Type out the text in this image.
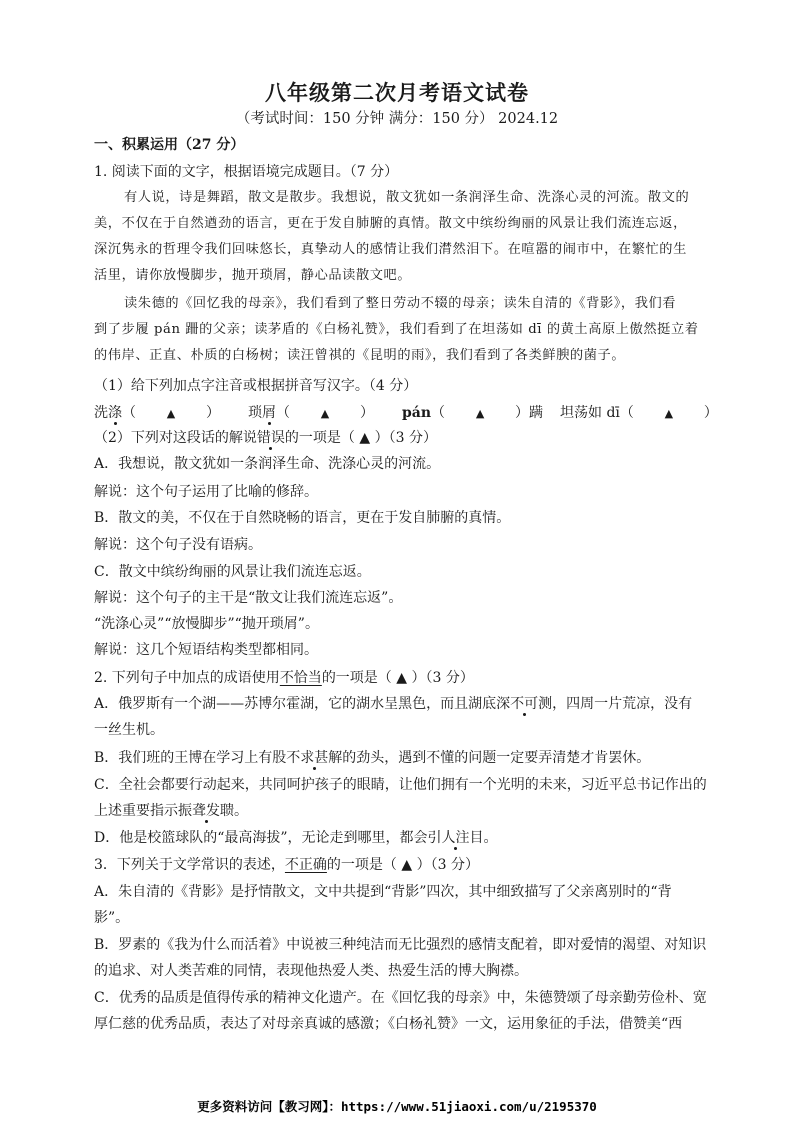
八年级第二次月考语文试卷
（考试时间：150 分钟 满分：150 分） 2024.12
一、积累运用（27 分）
1. 阅读下面的文字，根据语境完成题目。（7 分）
有人说，诗是舞蹈，散文是散步。我想说，散文犹如一条润泽生命、洗涤心灵的河流。散文的
美，不仅在于自然遒劲的语言，更在于发自肺腑的真情。散文中缤纷绚丽的风景让我们流连忘返，
深沉隽永的哲理令我们回味悠长，真挚动人的感情让我们潸然泪下。在喧嚣的闹市中，在繁忙的生
活里，请你放慢脚步，抛开琐屑，静心品读散文吧。
读朱德的《回忆我的母亲》，我们看到了整日劳动不辍的母亲；读朱自清的《背影》，我们看
到了步履 pán 跚的父亲；读茅盾的《白杨礼赞》，我们看到了在坦荡如 dī 的黄土高原上傲然挺立着
的伟岸、正直、朴质的白杨树；读汪曾祺的《昆明的雨》，我们看到了各类鲜腴的菌子。
（1）给下列加点字注音或根据拼音写汉字。（4 分）
洗涤（	▲ ） 琐屑（	▲ ） pán（	▲ ）蹒 坦荡如 dī（	▲ ）
（2）下列对这段话的解说错误的一项是（ ▲ ）（3 分）
A．我想说，散文犹如一条润泽生命、洗涤心灵的河流。
解说：这个句子运用了比喻的修辞。
B．散文的美，不仅在于自然晓畅的语言，更在于发自肺腑的真情。
解说：这个句子没有语病。
C．散文中缤纷绚丽的风景让我们流连忘返。
解说：这个句子的主干是“散文让我们流连忘返”。
“洗涤心灵”“放慢脚步”“抛开琐屑”。
解说：这几个短语结构类型都相同。
2. 下列句子中加点的成语使用不恰当的一项是（ ▲ ）（3 分）
A．俄罗斯有一个湖——苏博尔霍湖，它的湖水呈黑色，而且湖底深不可测，四周一片荒凉，没有
一丝生机。
B．我们班的王博在学习上有股不求甚解的劲头，遇到不懂的问题一定要弄清楚才肯罢休。
C．全社会都要行动起来，共同呵护孩子的眼睛，让他们拥有一个光明的未来，习近平总书记作出的
上述重要指示振聋发聩。
D．他是校篮球队的“最高海拔”，无论走到哪里，都会引人注目。
3．下列关于文学常识的表述，不正确的一项是（ ▲ ）（3 分）
A．朱自清的《背影》是抒情散文，文中共提到“背影”四次，其中细致描写了父亲离别时的“背
影”。
B．罗素的《我为什么而活着》中说被三种纯洁而无比强烈的感情支配着，即对爱情的渴望、对知识
的追求、对人类苦难的同情，表现他热爱人类、热爱生活的博大胸襟。
C．优秀的品质是值得传承的精神文化遗产。在《回忆我的母亲》中，朱德赞颂了母亲勤劳俭朴、宽
厚仁慈的优秀品质，表达了对母亲真诚的感激；《白杨礼赞》一文，运用象征的手法，借赞美“西
更多资料访问【教习网】：https://www.51jiaoxi.com/u/2195370
